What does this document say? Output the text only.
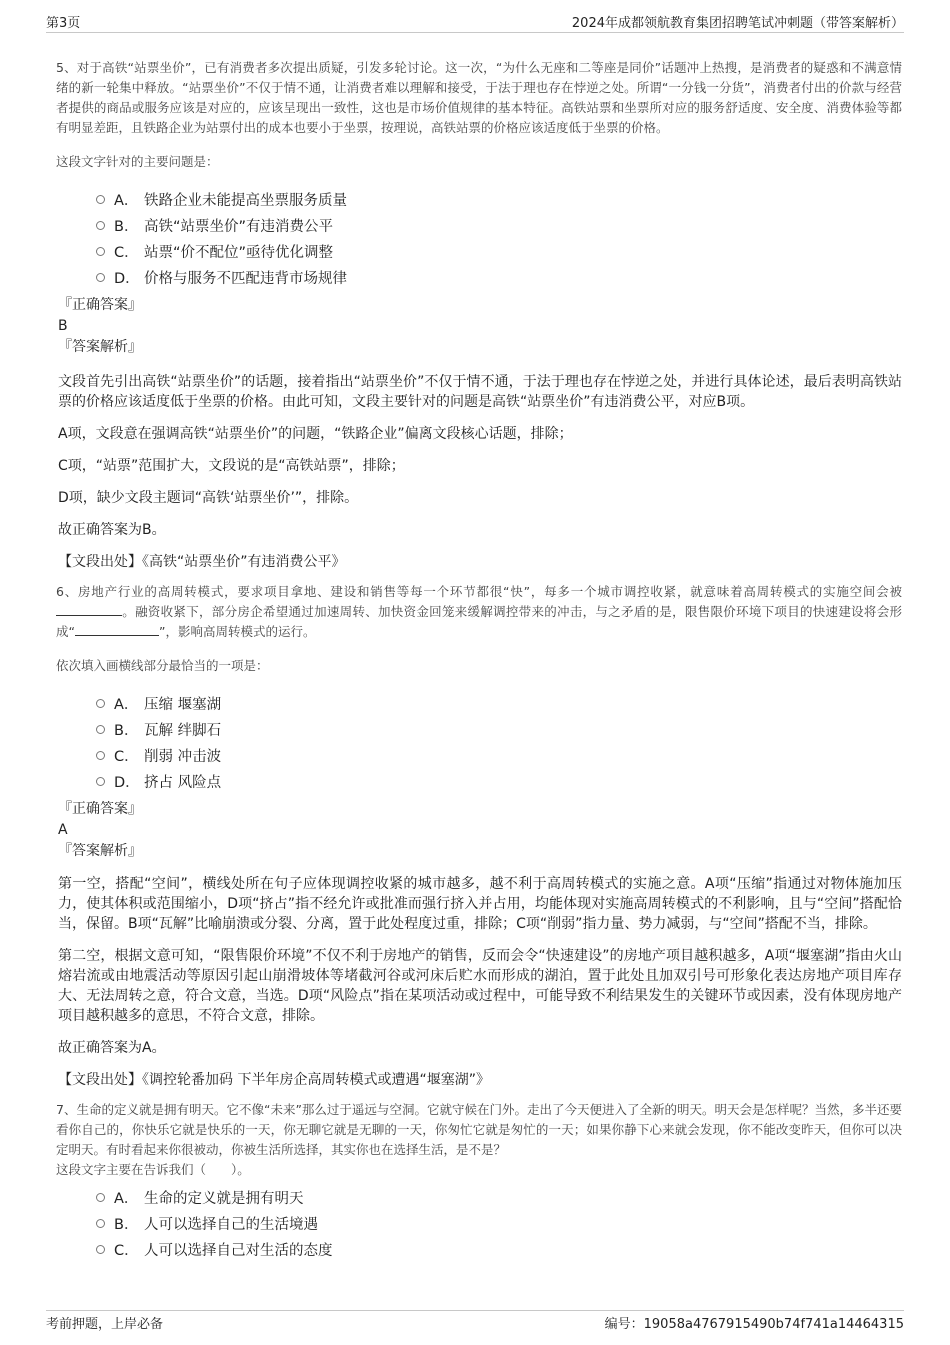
第3页	2024年成都领航教育集团招聘笔试冲刺题（带答案解析）

5、对于高铁“站票坐价”，已有消费者多次提出质疑，引发多轮讨论。这一次，“为什么无座和二等座是同价”话题冲上热搜，是消费者的疑惑和不满意情绪的新一轮集中释放。“站票坐价”不仅于情不通，让消费者难以理解和接受，于法于理也存在悖逆之处。所谓“一分钱一分货”，消费者付出的价款与经营者提供的商品或服务应该是对应的，应该呈现出一致性，这也是市场价值规律的基本特征。高铁站票和坐票所对应的服务舒适度、安全度、消费体验等都有明显差距，且铁路企业为站票付出的成本也要小于坐票，按理说，高铁站票的价格应该适度低于坐票的价格。

这段文字针对的主要问题是：

A． 铁路企业未能提高坐票服务质量
B． 高铁“站票坐价”有违消费公平
C． 站票“价不配位”亟待优化调整
D． 价格与服务不匹配违背市场规律

『正确答案』

B

『答案解析』

文段首先引出高铁“站票坐价”的话题，接着指出“站票坐价”不仅于情不通，于法于理也存在悖逆之处，并进行具体论述，最后表明高铁站票的价格应该适度低于坐票的价格。由此可知，文段主要针对的问题是高铁“站票坐价”有违消费公平，对应B项。

A项，文段意在强调高铁“站票坐价”的问题，“铁路企业”偏离文段核心话题，排除；

C项，“站票”范围扩大，文段说的是“高铁站票”，排除；

D项，缺少文段主题词“高铁‘站票坐价’”，排除。

故正确答案为B。

【文段出处】《高铁“站票坐价”有违消费公平》

6、房地产行业的高周转模式，要求项目拿地、建设和销售等每一个环节都很“快”，每多一个城市调控收紧，就意味着高周转模式的实施空间会被。融资收紧下，部分房企希望通过加速周转、加快资金回笼来缓解调控带来的冲击，与之矛盾的是，限售限价环境下项目的快速建设将会形成“	”，影响高周转模式的运行。

依次填入画横线部分最恰当的一项是：

A． 压缩 堰塞湖
B． 瓦解 绊脚石
C． 削弱 冲击波
D． 挤占 风险点

『正确答案』

A

『答案解析』

第一空，搭配“空间”，横线处所在句子应体现调控收紧的城市越多，越不利于高周转模式的实施之意。A项“压缩”指通过对物体施加压力，使其体积或范围缩小，D项“挤占”指不经允许或批准而强行挤入并占用，均能体现对实施高周转模式的不利影响，且与“空间”搭配恰当，保留。B项“瓦解”比喻崩溃或分裂、分离，置于此处程度过重，排除；C项“削弱”指力量、势力减弱，与“空间”搭配不当，排除。

第二空，根据文意可知，“限售限价环境”不仅不利于房地产的销售，反而会令“快速建设”的房地产项目越积越多，A项“堰塞湖”指由火山熔岩流或由地震活动等原因引起山崩滑坡体等堵截河谷或河床后贮水而形成的湖泊，置于此处且加双引号可形象化表达房地产项目库存大、无法周转之意，符合文意，当选。D项“风险点”指在某项活动或过程中，可能导致不利结果发生的关键环节或因素，没有体现房地产项目越积越多的意思，不符合文意，排除。

故正确答案为A。

【文段出处】《调控轮番加码 下半年房企高周转模式或遭遇“堰塞湖”》

7、生命的定义就是拥有明天。它不像“未来”那么过于遥远与空洞。它就守候在门外。走出了今天便进入了全新的明天。明天会是怎样呢？当然，多半还要看你自己的，你快乐它就是快乐的一天，你无聊它就是无聊的一天，你匆忙它就是匆忙的一天；如果你静下心来就会发现，你不能改变昨天，但你可以决定明天。有时看起来你很被动，你被生活所选择，其实你也在选择生活，是不是？

这段文字主要在告诉我们（　　）。

A． 生命的定义就是拥有明天
B． 人可以选择自己的生活境遇
C． 人可以选择自己对生活的态度
考前押题，上岸必备	编号：19058a4767915490b74f741a14464315
